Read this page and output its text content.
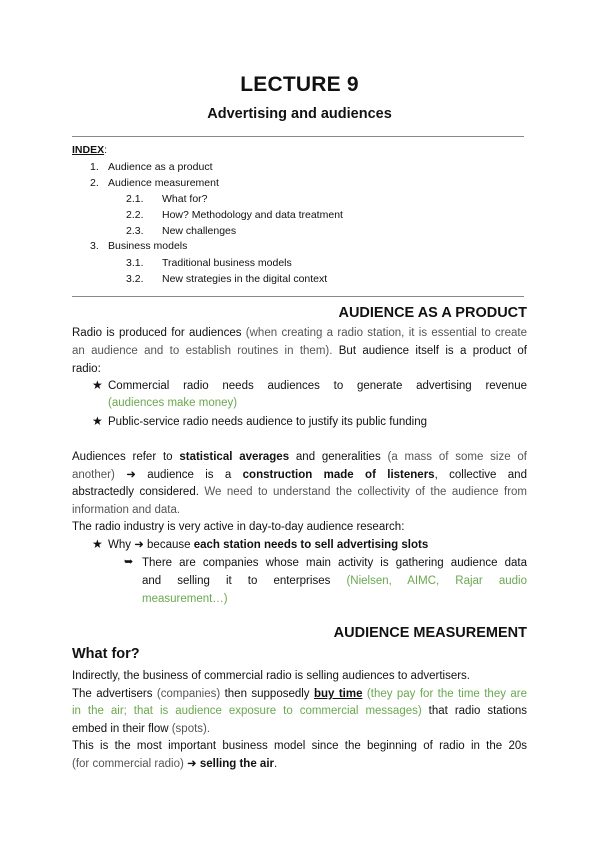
LECTURE 9
Advertising and audiences
INDEX:
1. Audience as a product
2. Audience measurement
2.1. What for?
2.2. How? Methodology and data treatment
2.3. New challenges
3. Business models
3.1. Traditional business models
3.2. New strategies in the digital context
AUDIENCE AS A PRODUCT
Radio is produced for audiences (when creating a radio station, it is essential to create
an audience and to establish routines in them). But audience itself is a product of
radio:
★ Commercial radio needs audiences to generate advertising revenue
(audiences make money)
★ Public-service radio needs audience to justify its public funding
Audiences refer to statistical averages and generalities (a mass of some size of
another) ➜ audience is a construction made of listeners, collective and
abstractedly considered. We need to understand the collectivity of the audience from
information and data.
The radio industry is very active in day-to-day audience research:
★ Why ➜ because each station needs to sell advertising slots
➥ There are companies whose main activity is gathering audience data
and selling it to enterprises (Nielsen, AIMC, Rajar audio
measurement…)
AUDIENCE MEASUREMENT
What for?
Indirectly, the business of commercial radio is selling audiences to advertisers.
The advertisers (companies) then supposedly buy time (they pay for the time they are
in the air; that is audience exposure to commercial messages) that radio stations
embed in their flow (spots).
This is the most important business model since the beginning of radio in the 20s
(for commercial radio) ➜ selling the air.
